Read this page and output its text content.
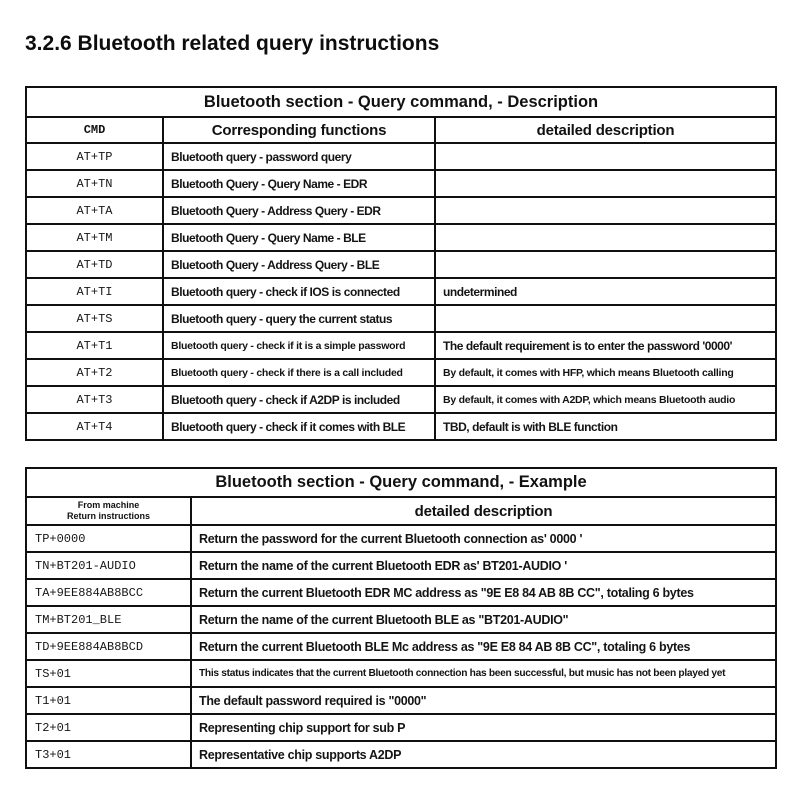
3.2.6 Bluetooth related query instructions
Bluetooth section - Query command, - Description		
CMD	Corresponding functions	detailed description
AT+TP	Bluetooth query - password query	
AT+TN	Bluetooth Query - Query Name - EDR	
AT+TA	Bluetooth Query - Address Query - EDR	
AT+TM	Bluetooth Query - Query Name - BLE	
AT+TD	Bluetooth Query - Address Query - BLE	
AT+TI	Bluetooth query - check if IOS is connected	undetermined
AT+TS	Bluetooth query - query the current status	
AT+T1	Bluetooth query - check if it is a simple password	The default requirement is to enter the password '0000'
AT+T2	Bluetooth query - check if there is a call included	By default, it comes with HFP, which means Bluetooth calling
AT+T3	Bluetooth query - check if A2DP is included	By default, it comes with A2DP, which means Bluetooth audio
AT+T4	Bluetooth query - check if it comes with BLE	TBD, default is with BLE function
Bluetooth section - Query command, - Example	

From machine
Return instructions	detailed description
TP+0000	Return the password for the current Bluetooth connection as' 0000 '
TN+BT201-AUDIO	Return the name of the current Bluetooth EDR as' BT201-AUDIO '
TA+9EE884AB8BCC	Return the current Bluetooth EDR MC address as "9E E8 84 AB 8B CC", totaling 6 bytes
TM+BT201_BLE	Return the name of the current Bluetooth BLE as "BT201-AUDIO"
TD+9EE884AB8BCD	Return the current Bluetooth BLE Mc address as "9E E8 84 AB 8B CC", totaling 6 bytes
TS+01	This status indicates that the current Bluetooth connection has been successful, but music has not been played yet
T1+01	The default password required is "0000"
T2+01	Representing chip support for sub P
T3+01	Representative chip supports A2DP
